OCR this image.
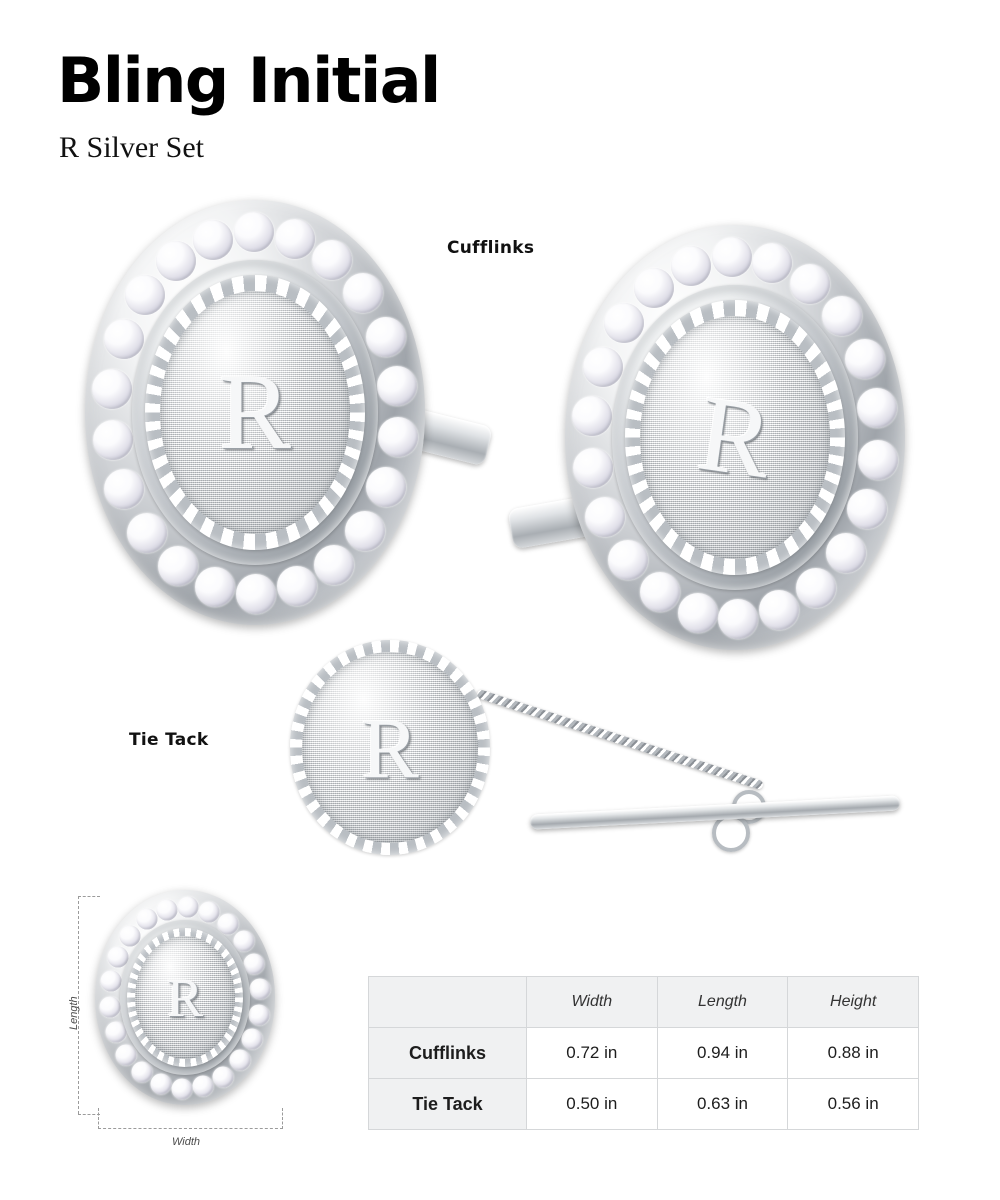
Bling Initial
R Silver Set
Cufflinks
Tie Tack
R	R
R
R
Length
Width
	Width	Length	Height
Cufflinks	0.72 in	0.94 in	0.88 in
Tie Tack	0.50 in	0.63 in	0.56 in
